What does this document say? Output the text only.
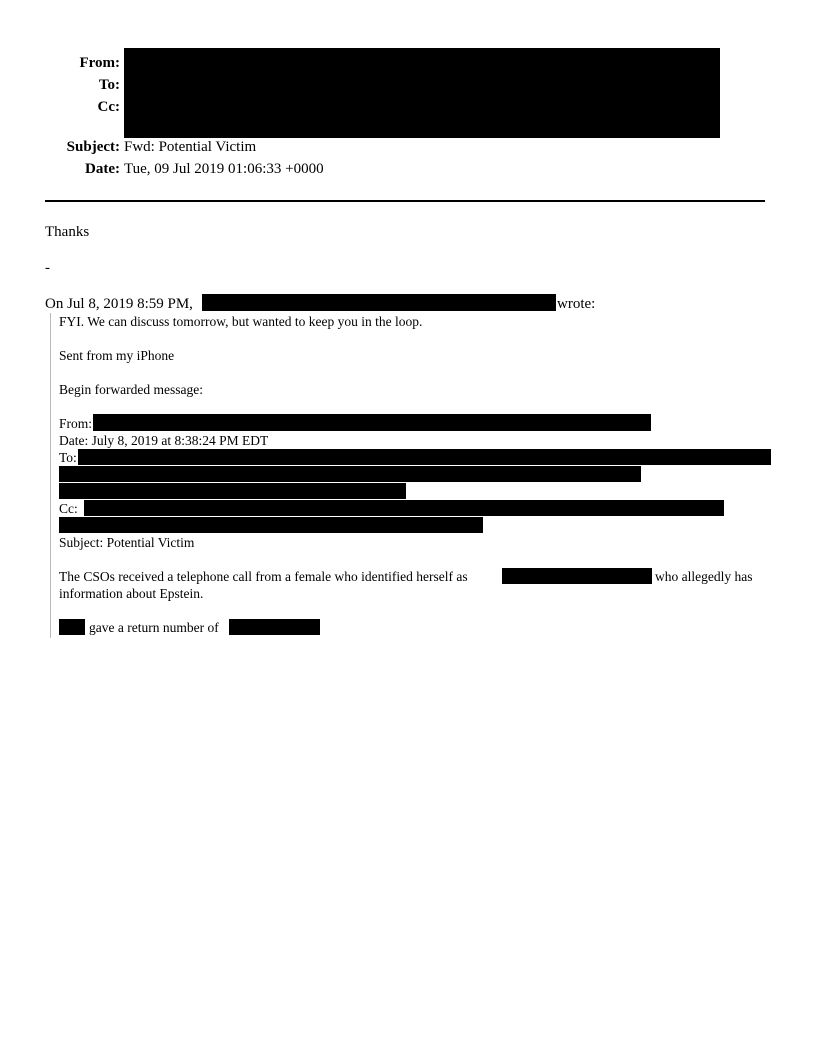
From:
To:
Cc:
Subject: Fwd: Potential Victim
Date: Tue, 09 Jul 2019 01:06:33 +0000
Thanks
-
On Jul 8, 2019 8:59 PM,	wrote:
FYI. We can discuss tomorrow, but wanted to keep you in the loop.
Sent from my iPhone
Begin forwarded message:
From:
Date: July 8, 2019 at 8:38:24 PM EDT
To:
Cc:
Subject: Potential Victim
The CSOs received a telephone call from a female who identified herself as	who allegedly has
information about Epstein.
gave a return number of
